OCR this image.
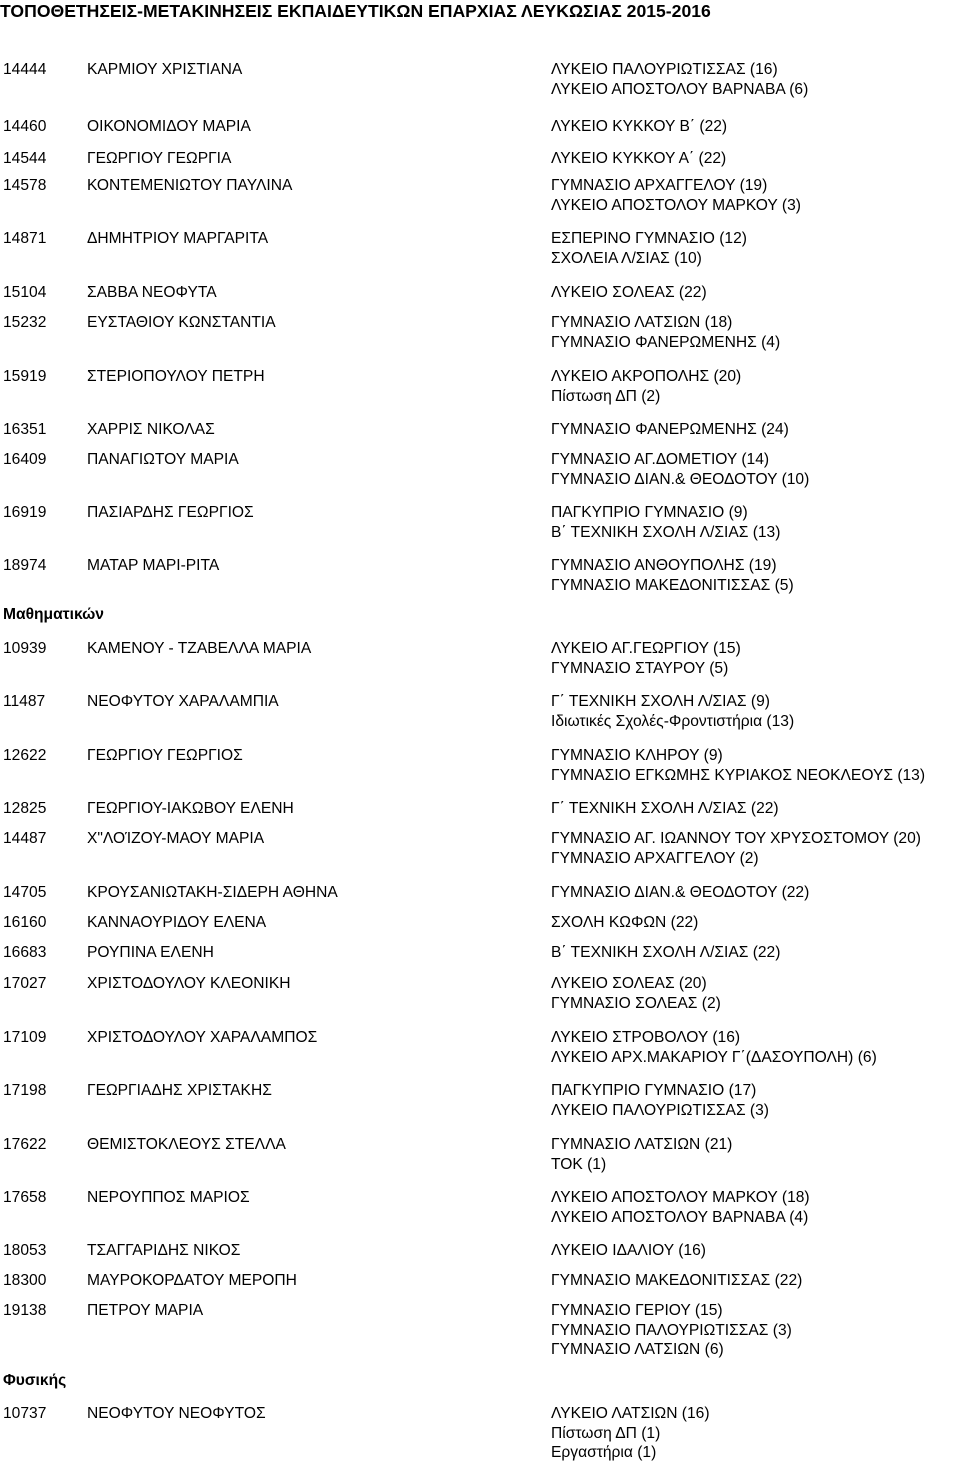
ΤΟΠΟΘΕΤΗΣΕΙΣ-ΜΕΤΑΚΙΝΗΣΕΙΣ ΕΚΠΑΙΔΕΥΤΙΚΩΝ ΕΠΑΡΧΙΑΣ ΛΕΥΚΩΣΙΑΣ 2015-2016
14444	ΚΑΡΜΙΟΥ ΧΡΙΣΤΙΑΝΑ	ΛΥΚΕΙΟ ΠΑΛΟΥΡΙΩΤΙΣΣΑΣ (16)
ΛΥΚΕΙΟ ΑΠΟΣΤΟΛΟΥ ΒΑΡΝΑΒΑ (6)
14460	ΟΙΚΟΝΟΜΙΔΟΥ ΜΑΡΙΑ	ΛΥΚΕΙΟ ΚΥΚΚΟΥ Β΄ (22)
14544	ΓΕΩΡΓΙΟΥ ΓΕΩΡΓΙΑ	ΛΥΚΕΙΟ ΚΥΚΚΟΥ Α΄ (22)
14578	ΚΟΝΤΕΜΕΝΙΩΤΟΥ ΠΑΥΛΙΝΑ	ΓΥΜΝΑΣΙΟ ΑΡΧΑΓΓΕΛΟΥ (19)
ΛΥΚΕΙΟ ΑΠΟΣΤΟΛΟΥ ΜΑΡΚΟΥ (3)
14871	ΔΗΜΗΤΡΙΟΥ ΜΑΡΓΑΡΙΤΑ	ΕΣΠΕΡΙΝΟ ΓΥΜΝΑΣΙΟ (12)
ΣΧΟΛΕΙΑ Λ/ΣΙΑΣ (10)
15104	ΣΑΒΒΑ ΝΕΟΦΥΤΑ	ΛΥΚΕΙΟ ΣΟΛΕΑΣ (22)
15232	ΕΥΣΤΑΘΙΟΥ ΚΩΝΣΤΑΝΤΙΑ	ΓΥΜΝΑΣΙΟ ΛΑΤΣΙΩΝ (18)
ΓΥΜΝΑΣΙΟ ΦΑΝΕΡΩΜΕΝΗΣ (4)
15919	ΣΤΕΡΙΟΠΟΥΛΟΥ ΠΕΤΡΗ	ΛΥΚΕΙΟ ΑΚΡΟΠΟΛΗΣ (20)
Πίστωση ΔΠ (2)
16351	ΧΑΡΡΙΣ ΝΙΚΟΛΑΣ	ΓΥΜΝΑΣΙΟ ΦΑΝΕΡΩΜΕΝΗΣ (24)
16409	ΠΑΝΑΓΙΩΤΟΥ ΜΑΡΙΑ	ΓΥΜΝΑΣΙΟ ΑΓ.ΔΟΜΕΤΙΟΥ (14)
ΓΥΜΝΑΣΙΟ ΔΙΑΝ.& ΘΕΟΔΟΤΟΥ (10)
16919	ΠΑΣΙΑΡΔΗΣ ΓΕΩΡΓΙΟΣ	ΠΑΓΚΥΠΡΙΟ ΓΥΜΝΑΣΙΟ (9)
Β΄ ΤΕΧΝΙΚΗ ΣΧΟΛΗ Λ/ΣΙΑΣ (13)
18974	ΜΑΤΑΡ ΜΑΡΙ-ΡΙΤΑ	ΓΥΜΝΑΣΙΟ ΑΝΘΟΥΠΟΛΗΣ (19)
ΓΥΜΝΑΣΙΟ ΜΑΚΕΔΟΝΙΤΙΣΣΑΣ (5)
Μαθηματικών
10939	ΚΑΜΕΝΟΥ - ΤΖΑΒΕΛΛΑ ΜΑΡΙΑ	ΛΥΚΕΙΟ ΑΓ.ΓΕΩΡΓΙΟΥ (15)
ΓΥΜΝΑΣΙΟ ΣΤΑΥΡΟΥ (5)
11487	ΝΕΟΦΥΤΟΥ ΧΑΡΑΛΑΜΠΙΑ	Γ΄ ΤΕΧΝΙΚΗ ΣΧΟΛΗ Λ/ΣΙΑΣ (9)
Ιδιωτικές Σχολές-Φροντιστήρια (13)
12622	ΓΕΩΡΓΙΟΥ ΓΕΩΡΓΙΟΣ	ΓΥΜΝΑΣΙΟ ΚΛΗΡΟΥ (9)
ΓΥΜΝΑΣΙΟ ΕΓΚΩΜΗΣ ΚΥΡΙΑΚΟΣ ΝΕΟΚΛΕΟΥΣ (13)
12825	ΓΕΩΡΓΙΟΥ-ΙΑΚΩΒΟΥ ΕΛΕΝΗ	Γ΄ ΤΕΧΝΙΚΗ ΣΧΟΛΗ Λ/ΣΙΑΣ (22)
14487	Χ"ΛΟΊΖΟΥ-ΜΑΟΥ ΜΑΡΙΑ	ΓΥΜΝΑΣΙΟ ΑΓ. ΙΩΑΝΝΟΥ ΤΟΥ ΧΡΥΣΟΣΤΟΜΟΥ (20)
ΓΥΜΝΑΣΙΟ ΑΡΧΑΓΓΕΛΟΥ (2)
14705	ΚΡΟΥΣΑΝΙΩΤΑΚΗ-ΣΙΔΕΡΗ ΑΘΗΝΑ	ΓΥΜΝΑΣΙΟ ΔΙΑΝ.& ΘΕΟΔΟΤΟΥ (22)
16160	ΚΑΝΝΑΟΥΡΙΔΟΥ ΕΛΕΝΑ	ΣΧΟΛΗ ΚΩΦΩΝ (22)
16683	ΡΟΥΠΙΝΑ ΕΛΕΝΗ	Β΄ ΤΕΧΝΙΚΗ ΣΧΟΛΗ Λ/ΣΙΑΣ (22)
17027	ΧΡΙΣΤΟΔΟΥΛΟΥ ΚΛΕΟΝΙΚΗ	ΛΥΚΕΙΟ ΣΟΛΕΑΣ (20)
ΓΥΜΝΑΣΙΟ ΣΟΛΕΑΣ (2)
17109	ΧΡΙΣΤΟΔΟΥΛΟΥ ΧΑΡΑΛΑΜΠΟΣ	ΛΥΚΕΙΟ ΣΤΡΟΒΟΛΟΥ (16)
ΛΥΚΕΙΟ ΑΡΧ.ΜΑΚΑΡΙΟΥ Γ΄(ΔΑΣΟΥΠΟΛΗ) (6)
17198	ΓΕΩΡΓΙΑΔΗΣ ΧΡΙΣΤΑΚΗΣ	ΠΑΓΚΥΠΡΙΟ ΓΥΜΝΑΣΙΟ (17)
ΛΥΚΕΙΟ ΠΑΛΟΥΡΙΩΤΙΣΣΑΣ (3)
17622	ΘΕΜΙΣΤΟΚΛΕΟΥΣ ΣΤΕΛΛΑ	ΓΥΜΝΑΣΙΟ ΛΑΤΣΙΩΝ (21)
ΤΟΚ (1)
17658	ΝΕΡΟΥΠΠΟΣ ΜΑΡΙΟΣ	ΛΥΚΕΙΟ ΑΠΟΣΤΟΛΟΥ ΜΑΡΚΟΥ (18)
ΛΥΚΕΙΟ ΑΠΟΣΤΟΛΟΥ ΒΑΡΝΑΒΑ (4)
18053	ΤΣΑΓΓΑΡΙΔΗΣ ΝΙΚΟΣ	ΛΥΚΕΙΟ ΙΔΑΛΙΟΥ (16)
18300	ΜΑΥΡΟΚΟΡΔΑΤΟΥ ΜΕΡΟΠΗ	ΓΥΜΝΑΣΙΟ ΜΑΚΕΔΟΝΙΤΙΣΣΑΣ (22)
19138	ΠΕΤΡΟΥ ΜΑΡΙΑ	ΓΥΜΝΑΣΙΟ ΓΕΡΙΟΥ (15)
ΓΥΜΝΑΣΙΟ ΠΑΛΟΥΡΙΩΤΙΣΣΑΣ (3)
ΓΥΜΝΑΣΙΟ ΛΑΤΣΙΩΝ (6)
Φυσικής
10737	ΝΕΟΦΥΤΟΥ ΝΕΟΦΥΤΟΣ	ΛΥΚΕΙΟ ΛΑΤΣΙΩΝ (16)
Πίστωση ΔΠ (1)
Εργαστήρια (1)
